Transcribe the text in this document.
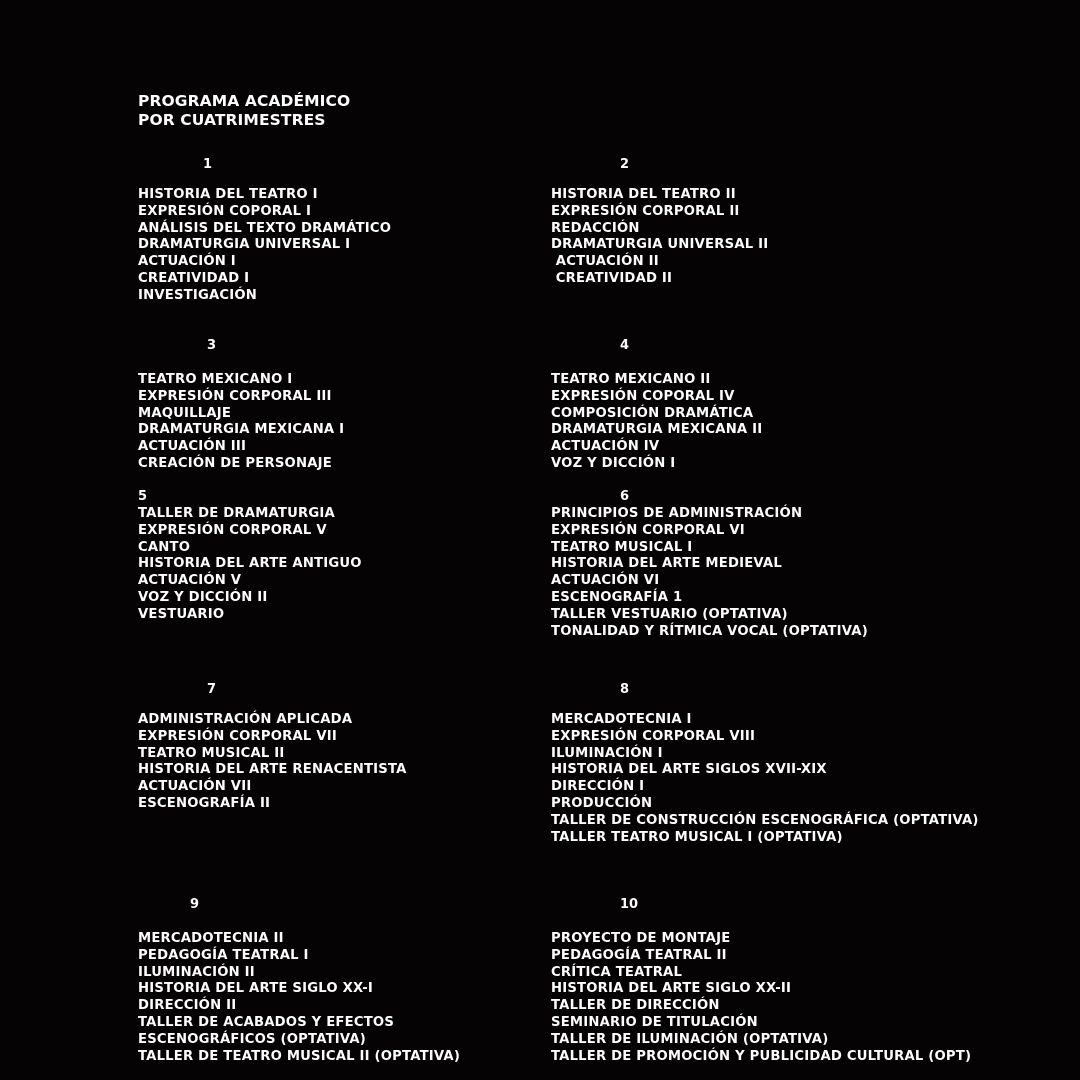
PROGRAMA ACADÉMICO
POR CUATRIMESTRES
1
HISTORIA DEL TEATRO I
EXPRESIÓN COPORAL I
ANÁLISIS DEL TEXTO DRAMÁTICO
DRAMATURGIA UNIVERSAL I
ACTUACIÓN I
CREATIVIDAD I
INVESTIGACIÓN
2
HISTORIA DEL TEATRO II
EXPRESIÓN CORPORAL II
REDACCIÓN
DRAMATURGIA UNIVERSAL II
ACTUACIÓN II
CREATIVIDAD II
3
TEATRO MEXICANO I
EXPRESIÓN CORPORAL III
MAQUILLAJE
DRAMATURGIA MEXICANA I
ACTUACIÓN III
CREACIÓN DE PERSONAJE
4
TEATRO MEXICANO II
EXPRESIÓN COPORAL IV
COMPOSICIÓN DRAMÁTICA
DRAMATURGIA MEXICANA II
ACTUACIÓN IV
VOZ Y DICCIÓN I
5
TALLER DE DRAMATURGIA
EXPRESIÓN CORPORAL V
CANTO
HISTORIA DEL ARTE ANTIGUO
ACTUACIÓN V
VOZ Y DICCIÓN II
VESTUARIO
6
PRINCIPIOS DE ADMINISTRACIÓN
EXPRESIÓN CORPORAL VI
TEATRO MUSICAL I
HISTORIA DEL ARTE MEDIEVAL
ACTUACIÓN VI
ESCENOGRAFÍA 1
TALLER VESTUARIO (OPTATIVA)
TONALIDAD Y RÍTMICA VOCAL (OPTATIVA)
7
ADMINISTRACIÓN APLICADA
EXPRESIÓN CORPORAL VII
TEATRO MUSICAL II
HISTORIA DEL ARTE RENACENTISTA
ACTUACIÓN VII
ESCENOGRAFÍA II
8
MERCADOTECNIA I
EXPRESIÓN CORPORAL VIII
ILUMINACIÓN I
HISTORIA DEL ARTE SIGLOS XVII-XIX
DIRECCIÓN I
PRODUCCIÓN
TALLER DE CONSTRUCCIÓN ESCENOGRÁFICA (OPTATIVA)
TALLER TEATRO MUSICAL I (OPTATIVA)
9
MERCADOTECNIA II
PEDAGOGÍA TEATRAL I
ILUMINACIÓN II
HISTORIA DEL ARTE SIGLO XX-I
DIRECCIÓN II
TALLER DE ACABADOS Y EFECTOS
ESCENOGRÁFICOS (OPTATIVA)
TALLER DE TEATRO MUSICAL II (OPTATIVA)
10
PROYECTO DE MONTAJE
PEDAGOGÍA TEATRAL II
CRÍTICA TEATRAL
HISTORIA DEL ARTE SIGLO XX-II
TALLER DE DIRECCIÓN
SEMINARIO DE TITULACIÓN
TALLER DE ILUMINACIÓN (OPTATIVA)
TALLER DE PROMOCIÓN Y PUBLICIDAD CULTURAL (OPT)
